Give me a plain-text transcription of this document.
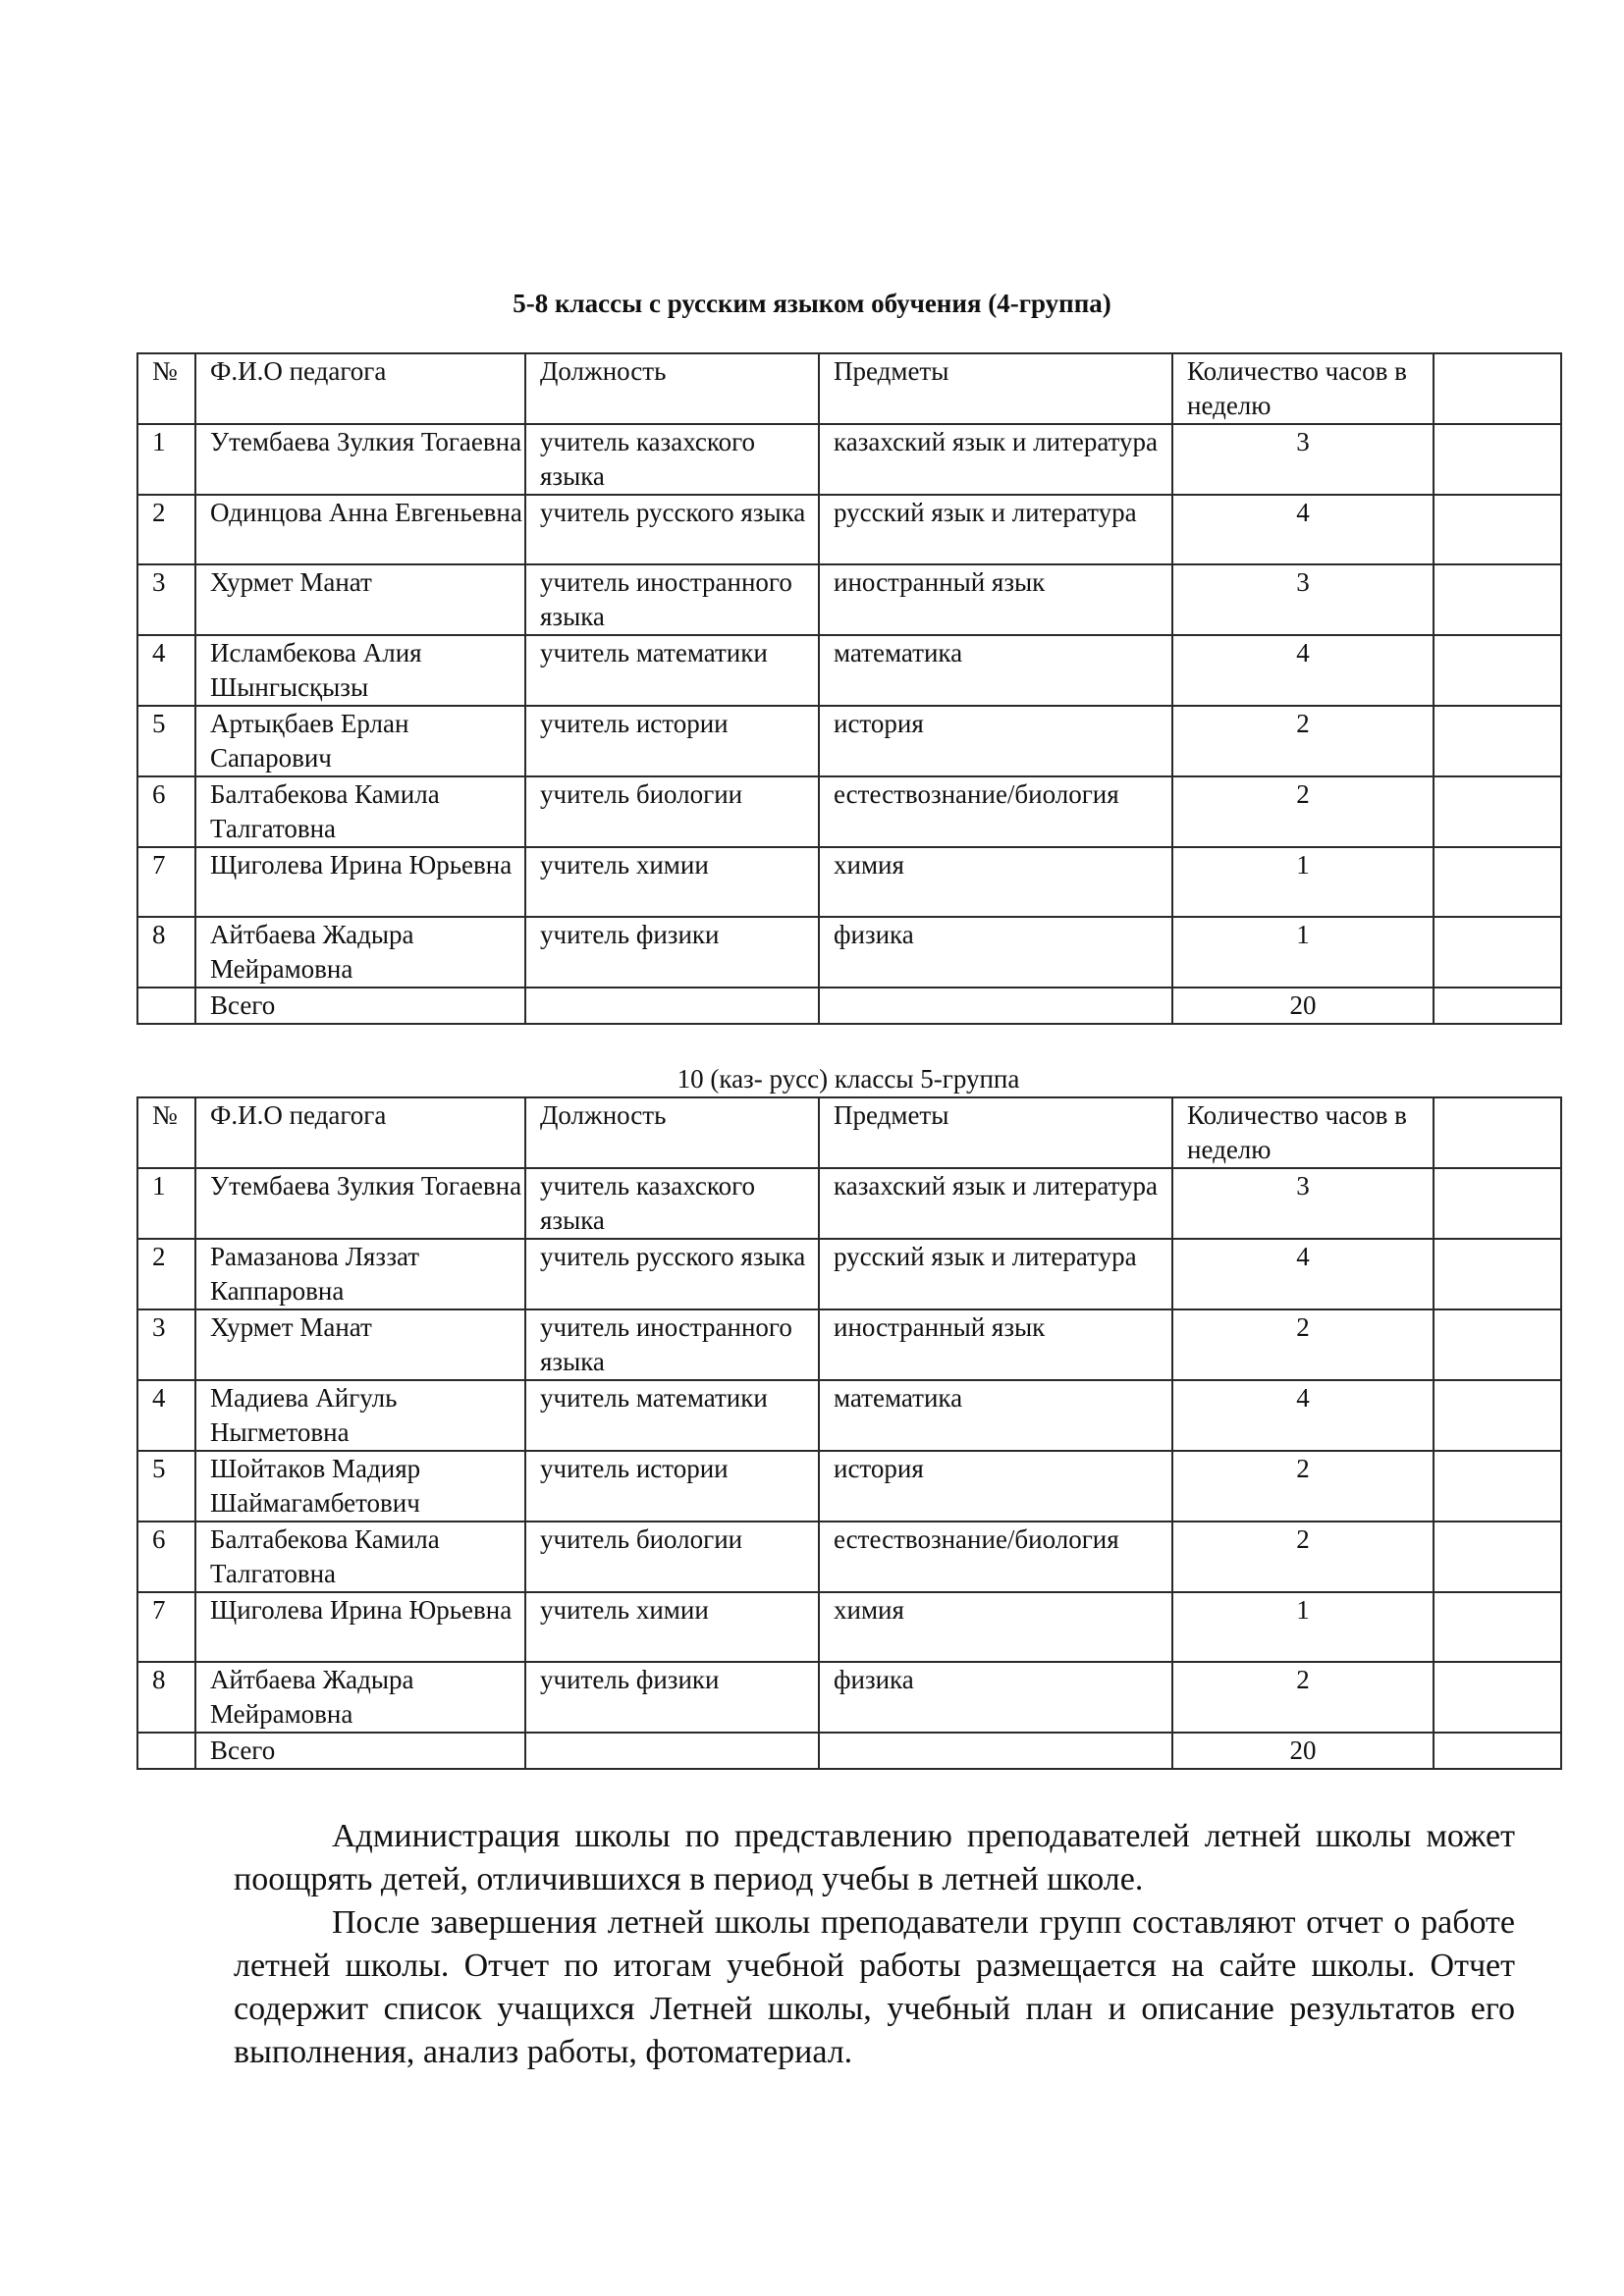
5-8 классы с русским языком обучения (4-группа)
№	Ф.И.О педагога	Должность	Предметы	Количество часов в неделю	
1	Утембаева Зулкия Тогаевна	учитель казахского языка	казахский язык и литература	3	
2	Одинцова Анна Евгеньевна	учитель русского языка	русский язык и литература	4	
3	Хурмет Манат	учитель иностранного языка	иностранный язык	3	
4	Исламбекова Алия Шынгысқызы	учитель математики	математика	4	
5	Артықбаев Ерлан Сапарович	учитель истории	история	2	
6	Балтабекова Камила Талгатовна	учитель биологии	естествознание/биология	2	
7	Щиголева Ирина Юрьевна	учитель химии	химия	1	
8	Айтбаева Жадыра Мейрамовна	учитель физики	физика	1	
	Всего			20	
10 (каз- русс) классы 5-группа
№	Ф.И.О педагога	Должность	Предметы	Количество часов в неделю	
1	Утембаева Зулкия Тогаевна	учитель казахского языка	казахский язык и литература	3	
2	Рамазанова Ляззат Каппаровна	учитель русского языка	русский язык и литература	4	
3	Хурмет Манат	учитель иностранного языка	иностранный язык	2	
4	Мадиева Айгуль Ныгметовна	учитель математики	математика	4	
5	Шойтаков Мадияр Шаймагамбетович	учитель истории	история	2	
6	Балтабекова Камила Талгатовна	учитель биологии	естествознание/биология	2	
7	Щиголева Ирина Юрьевна	учитель химии	химия	1	
8	Айтбаева Жадыра Мейрамовна	учитель физики	физика	2	
	Всего			20	

Администрация школы по представлению преподавателей летней школы может поощрять детей, отличившихся в период учебы в летней школе.

После завершения летней школы преподаватели групп составляют отчет о работе летней школы. Отчет по итогам учебной работы размещается на сайте школы. Отчет содержит список учащихся Летней школы, учебный план и описание результатов его выполнения, анализ работы, фотоматериал.
